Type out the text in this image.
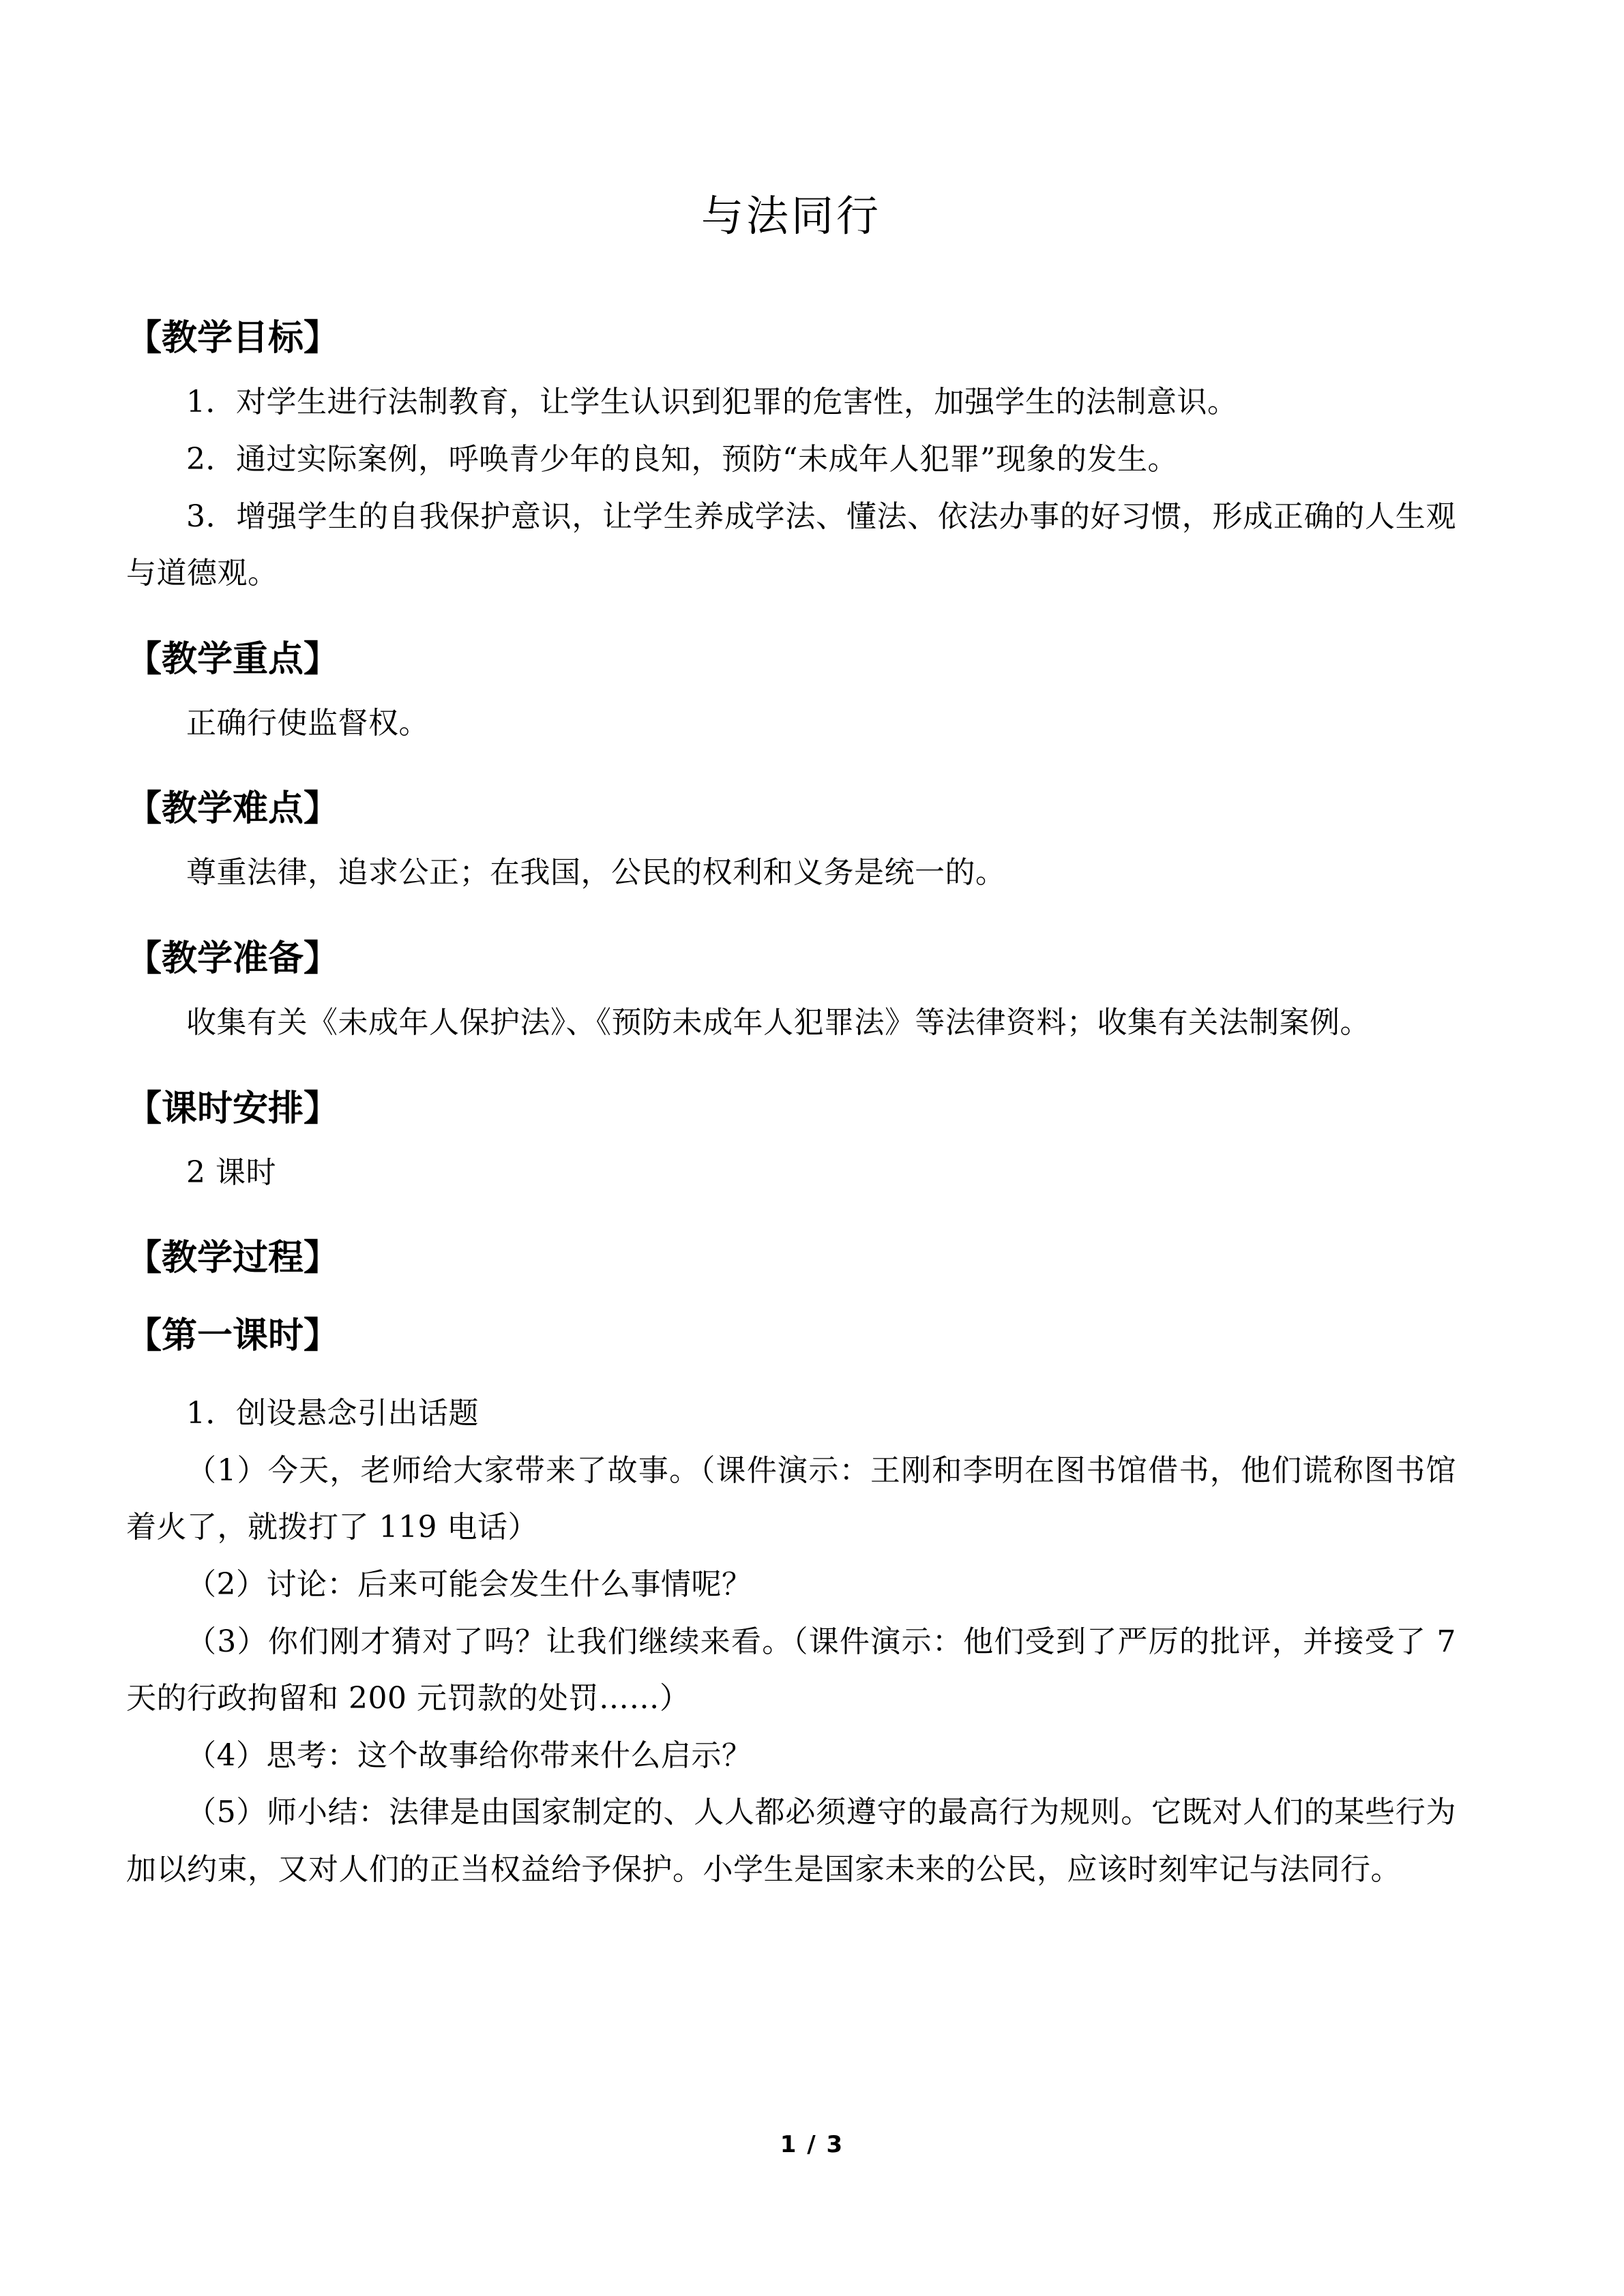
与法同行
【教学目标】

1．对学生进行法制教育，让学生认识到犯罪的危害性，加强学生的法制意识。

2．通过实际案例，呼唤青少年的良知，预防“未成年人犯罪”现象的发生。

3．增强学生的自我保护意识，让学生养成学法、懂法、依法办事的好习惯，形成正确的人生观与道德观。

【教学重点】

正确行使监督权。

【教学难点】

尊重法律，追求公正；在我国，公民的权利和义务是统一的。

【教学准备】

收集有关《未成年人保护法》、《预防未成年人犯罪法》等法律资料；收集有关法制案例。

【课时安排】

2 课时

【教学过程】
【第一课时】

1．创设悬念引出话题

（1）今天，老师给大家带来了故事。（课件演示：王刚和李明在图书馆借书，他们谎称图书馆着火了，就拨打了 119 电话）

（2）讨论：后来可能会发生什么事情呢？

（3）你们刚才猜对了吗？让我们继续来看。（课件演示：他们受到了严厉的批评，并接受了 7 天的行政拘留和 200 元罚款的处罚……）

（4）思考：这个故事给你带来什么启示？

（5）师小结：法律是由国家制定的、人人都必须遵守的最高行为规则。它既对人们的某些行为加以约束，又对人们的正当权益给予保护。小学生是国家未来的公民，应该时刻牢记与法同行。

1 / 3
